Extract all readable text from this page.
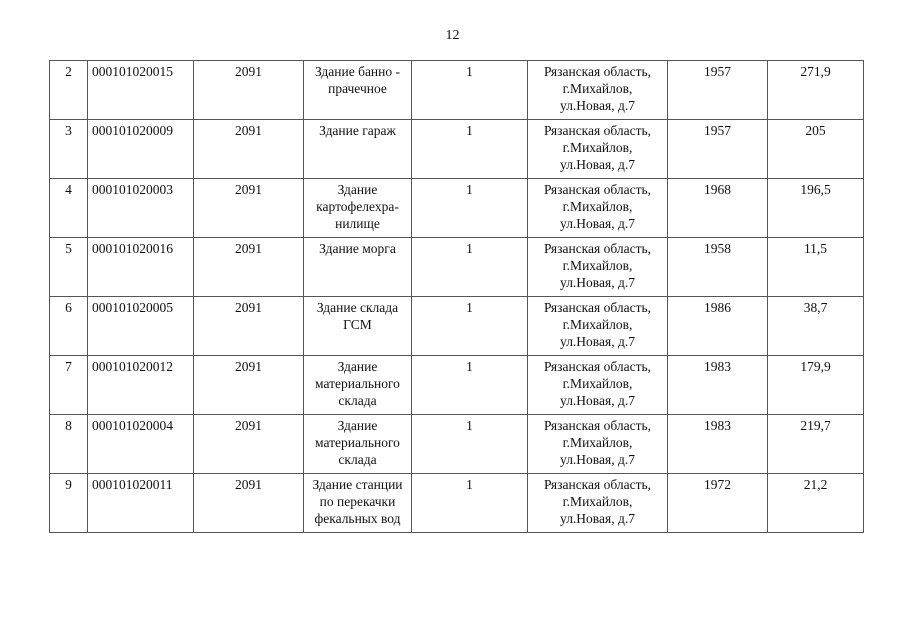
12
2	000101020015	2091	Здание банно -
прачечное	1	Рязанская область,
г.Михайлов,
ул.Новая, д.7	1957	271,9
3	000101020009	2091	Здание гараж	1	Рязанская область,
г.Михайлов,
ул.Новая, д.7	1957	205
4	000101020003	2091	Здание
картофелехра-
нилище	1	Рязанская область,
г.Михайлов,
ул.Новая, д.7	1968	196,5
5	000101020016	2091	Здание морга	1	Рязанская область,
г.Михайлов,
ул.Новая, д.7	1958	11,5
6	000101020005	2091	Здание склада
ГСМ	1	Рязанская область,
г.Михайлов,
ул.Новая, д.7	1986	38,7
7	000101020012	2091	Здание
материального
склада	1	Рязанская область,
г.Михайлов,
ул.Новая, д.7	1983	179,9
8	000101020004	2091	Здание
материального
склада	1	Рязанская область,
г.Михайлов,
ул.Новая, д.7	1983	219,7
9	000101020011	2091	Здание станции
по перекачки
фекальных вод	1	Рязанская область,
г.Михайлов,
ул.Новая, д.7	1972	21,2
